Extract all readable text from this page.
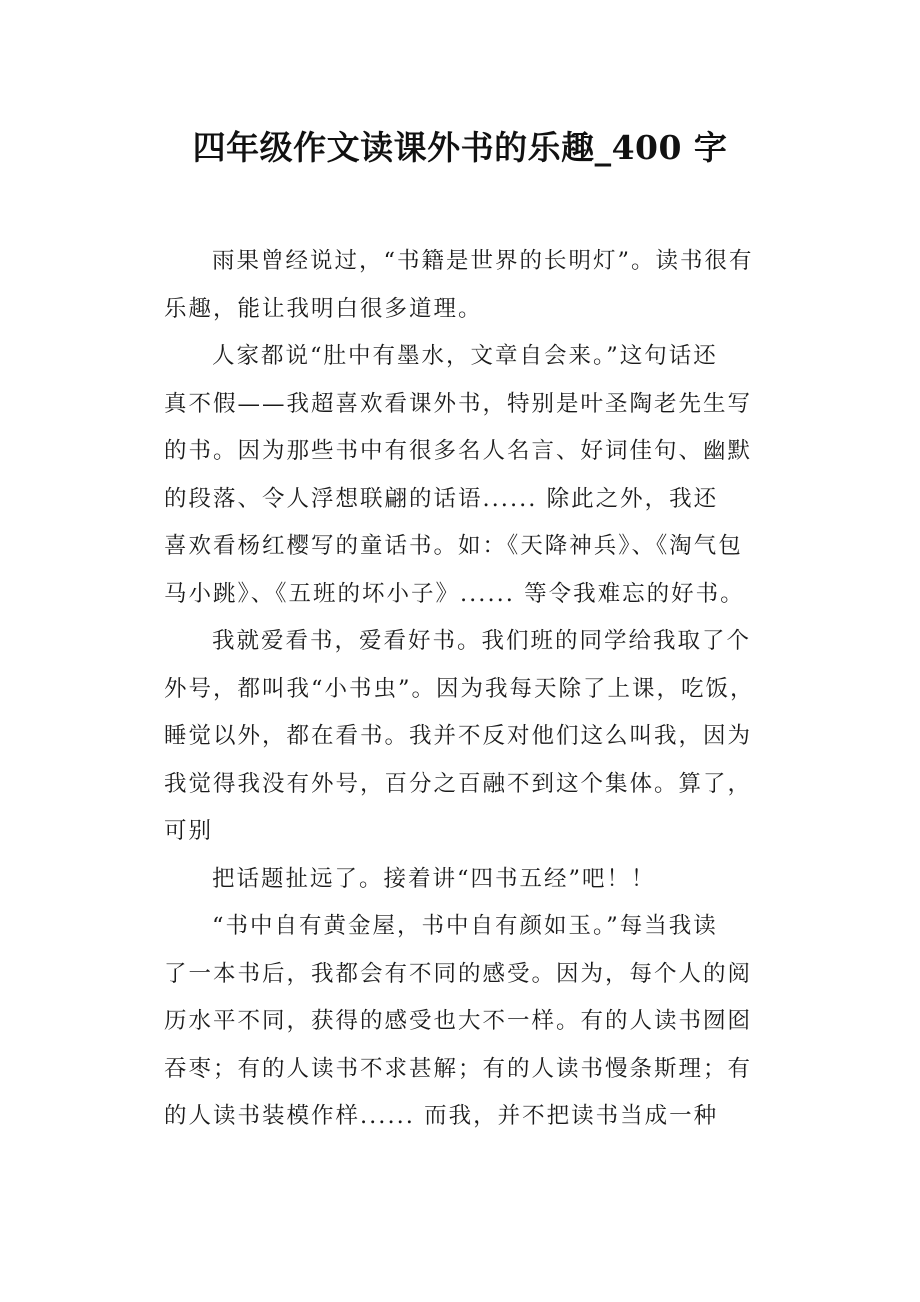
四年级作文读课外书的乐趣_400 字
雨果曾经说过，“书籍是世界的长明灯”。读书很有
乐趣，能让我明白很多道理。
人家都说“肚中有墨水，文章自会来。”这句话还
真不假——我超喜欢看课外书，特别是叶圣陶老先生写
的书。因为那些书中有很多名人名言、好词佳句、幽默
的段落、令人浮想联翩的话语...... 除此之外，我还
喜欢看杨红樱写的童话书。如：《天降神兵》、《淘气包
马小跳》、《五班的坏小子》...... 等令我难忘的好书。
我就爱看书，爱看好书。我们班的同学给我取了个
外号，都叫我“小书虫”。因为我每天除了上课，吃饭，
睡觉以外，都在看书。我并不反对他们这么叫我，因为
我觉得我没有外号，百分之百融不到这个集体。算了，
可别
把话题扯远了。接着讲“四书五经”吧！！
“书中自有黄金屋，书中自有颜如玉。”每当我读
了一本书后，我都会有不同的感受。因为，每个人的阅
历水平不同，获得的感受也大不一样。有的人读书囫囵
吞枣；有的人读书不求甚解；有的人读书慢条斯理；有
的人读书装模作样...... 而我，并不把读书当成一种
